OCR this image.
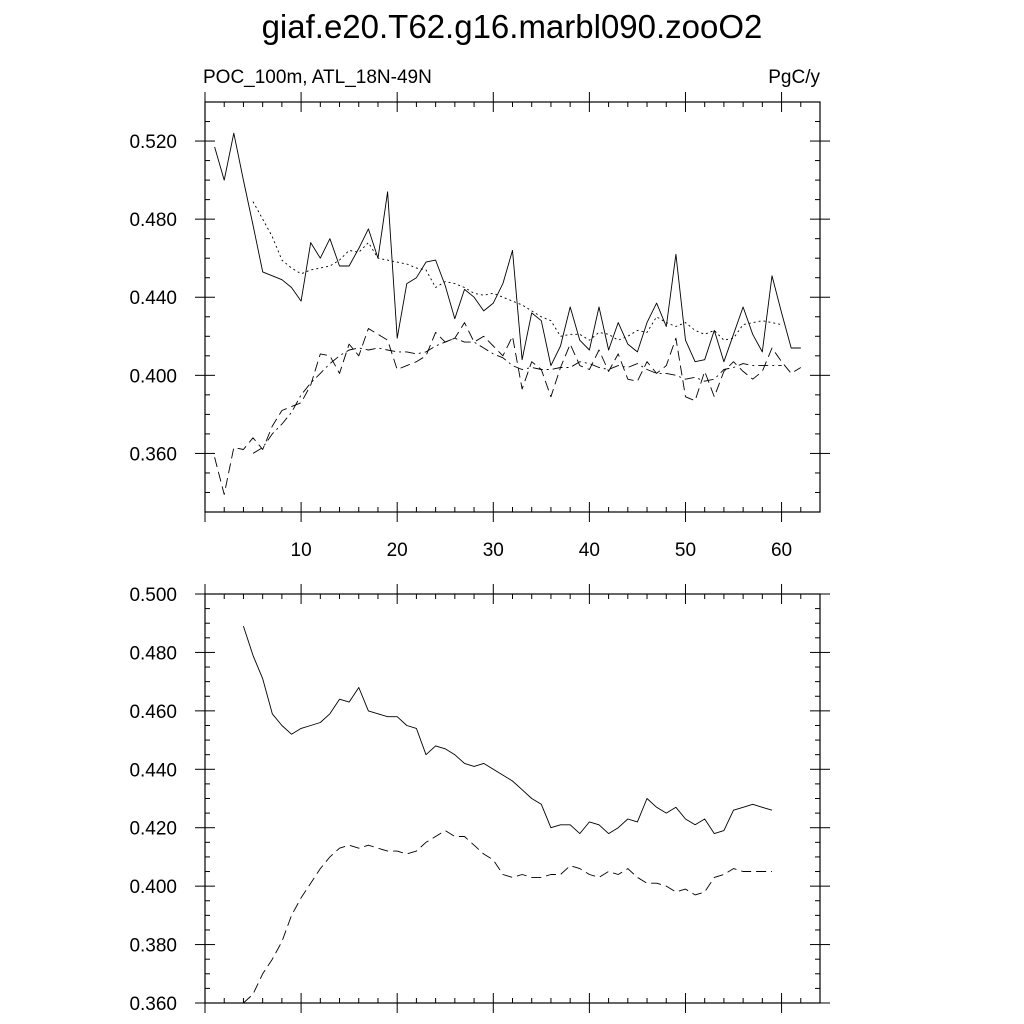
giaf.e20.T62.g16.marbl090.zooO2
POC_100m, ATL_18N-49N	PgC/y
0.360
0.400
0.440
0.480
0.520
10	20	30	40	50	60
0.360
0.380
0.400
0.420
0.440
0.460
0.480
0.500
